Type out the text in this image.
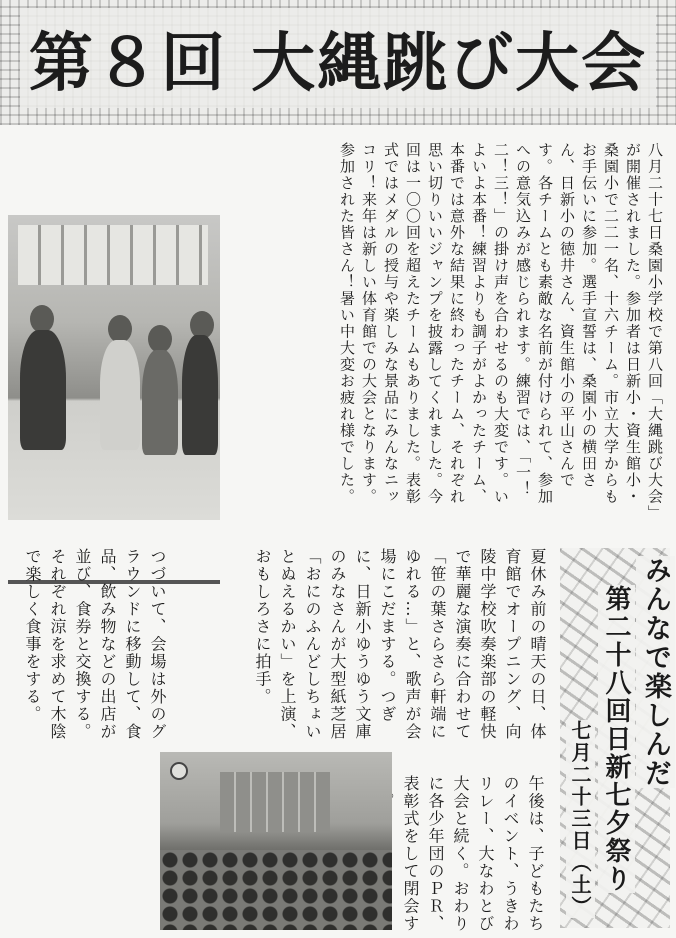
第８回 大縄跳び大会
八月二十七日桑園小学校で第八回「大縄跳び大会」が開催されました。参加者は日新小・資生館小・桑園小で二二一名、十六チーム。市立大学からもお手伝いに参加。選手宣誓は、桑園小の横田さん、日新小の徳井さん、資生館小の平山さんです。各チームとも素敵な名前が付けられて、参加への意気込みが感じられます。練習では、「一！二！三！」の掛け声を合わせるのも大変です。いよいよ本番！練習よりも調子がよかったチーム、本番では意外な結果に終わったチーム、それぞれ思い切りいいジャンプを披露してくれました。今回は一〇〇回を超えたチームもありました。表彰式ではメダルの授与や楽しみな景品にみんなニッコリ！来年は新しい体育館での大会となります。参加された皆さん！暑い中大変お疲れ様でした。
午後は、子どもたちのイベント、うきわリレー、大なわとび大会と続く。おわりに各少年団のＰＲ、表彰式をして閉会す
夏休み前の晴天の日、体育館でオープニング、向陵中学校吹奏楽部の軽快で華麗な演奏に合わせて「笹の葉さらさら軒端にゆれる…」と、歌声が会場にこだまする。つぎに、日新小ゆうゆう文庫のみなさんが大型紙芝居「おにのふんどしちょいとぬえるかい」を上演、おもしろさに拍手。
つづいて、会場は外のグラウンドに移動して、食品、飲み物などの出店が並び、食券と交換する。それぞれ涼を求めて木陰で楽しく食事をする。	みんなで楽しんだ
第二十八回日新七夕祭り
七月二十三日（土）
